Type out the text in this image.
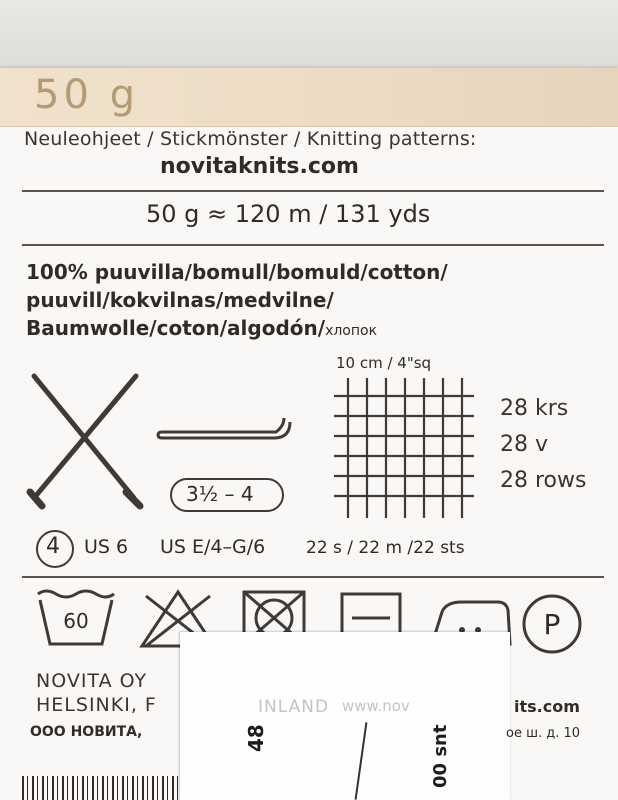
50 g
Neuleohjeet / Stickmönster / Knitting patterns:
novitaknits.com
50 g ≈ 120 m / 131 yds
100% puuvilla/bomull/bomuld/cotton/
puuvill/kokvilnas/medvilne/
Baumwolle/coton/algodón/хлопок
3½ – 4
10 cm / 4"sq
28 krs
28 v
28 rows
4 US 6 US E/4–G/6 22 s / 22 m /22 sts
60	P
NOVITA OY
HELSINKI, F
ООО НОВИТА,
INLAND www.nov	its.com
ое ш. д. 10
48	00 snt
